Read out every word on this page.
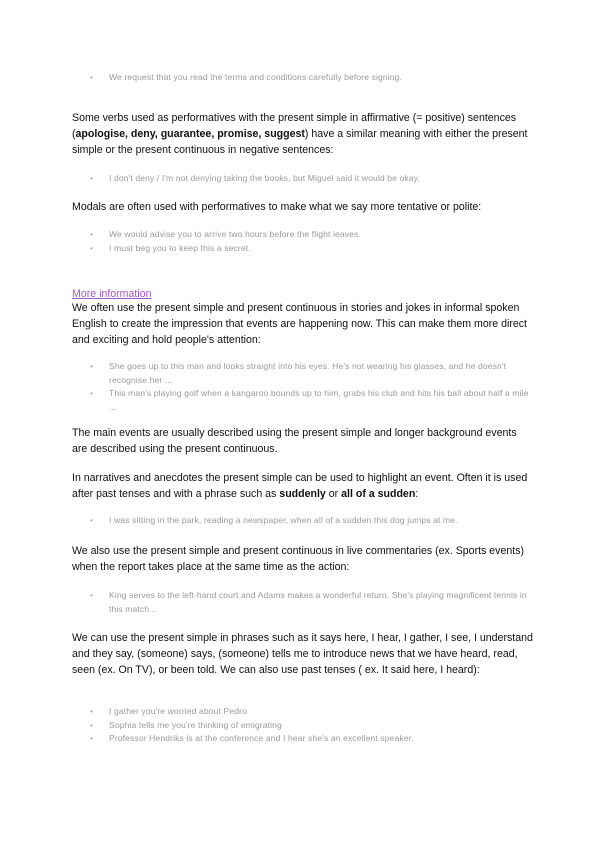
• We request that you read the terms and conditions carefully before signing.

Some verbs used as performatives with the present simple in affirmative (= positive) sentences (apologise, deny, guarantee, promise, suggest) have a similar meaning with either the present simple or the present continuous in negative sentences:

• I don't deny / I'm not denying taking the books, but Miguel said it would be okay.

Modals are often used with performatives to make what we say more tentative or polite:

• We would advise you to arrive two hours before the flight leaves.
• I must beg you to keep this a secret.
More information

We often use the present simple and present continuous in stories and jokes in informal spoken English to create the impression that events are happening now. This can make them more direct and exciting and hold people's attention:

• She goes up to this man and looks straight into his eyes. He's not wearing his glasses, and he doesn't recognise her ...
• This man's playing golf when a kangaroo bounds up to him, grabs his club and hits his ball about half a mile ...

The main events are usually described using the present simple and longer background events are described using the present continuous.

In narratives and anecdotes the present simple can be used to highlight an event. Often it is used after past tenses and with a phrase such as suddenly or all of a sudden:

• I was sitting in the park, reading a newspaper, when all of a sudden this dog jumps at me.

We also use the present simple and present continuous in live commentaries (ex. Sports events) when the report takes place at the same time as the action:

• King serves to the left-hand court and Adams makes a wonderful return. She's playing magnificent tennis in this match...

We can use the present simple in phrases such as it says here, I hear, I gather, I see, I understand and they say, (someone) says, (someone) tells me to introduce news that we have heard, read, seen (ex. On TV), or been told. We can also use past tenses ( ex. It said here, I heard):

• I gather you're worried about Pedro
• Sophia tells me you're thinking of emigrating
• Professor Hendriks is at the conference and I hear she's an excellent speaker.
